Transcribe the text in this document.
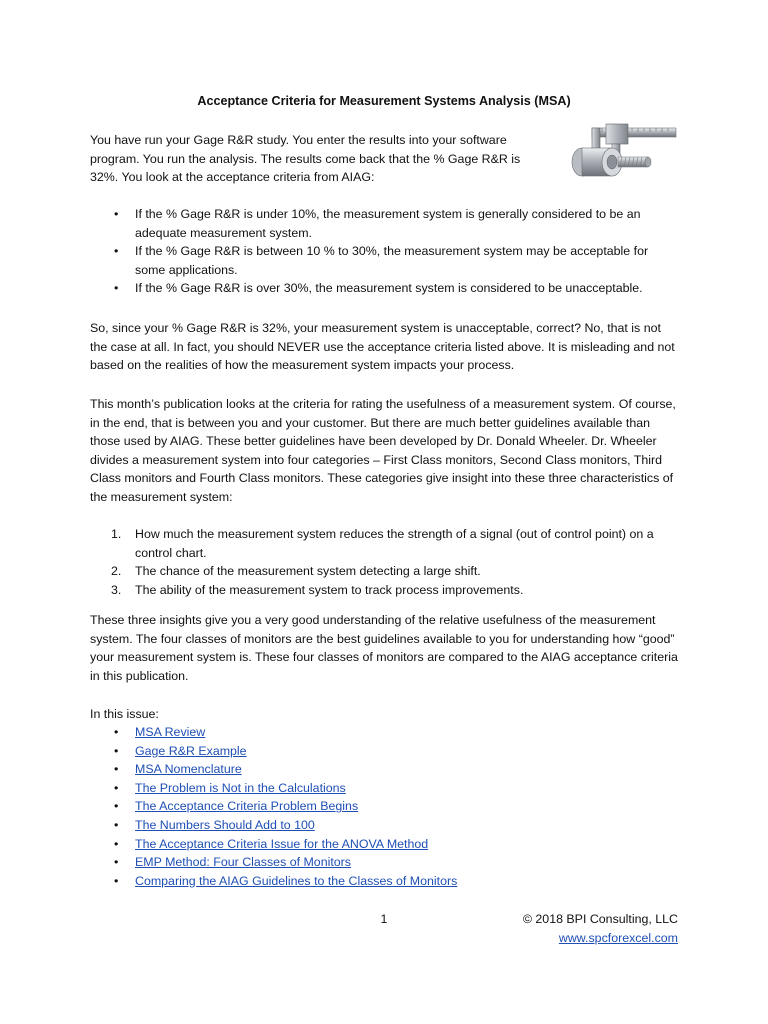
Acceptance Criteria for Measurement Systems Analysis (MSA)

You have run your Gage R&R study. You enter the results into your software program. You run the analysis. The results come back that the % Gage R&R is 32%. You look at the acceptance criteria from AIAG:

• If the % Gage R&R is under 10%, the measurement system is generally considered to be an adequate measurement system.
• If the % Gage R&R is between 10 % to 30%, the measurement system may be acceptable for some applications.
• If the % Gage R&R is over 30%, the measurement system is considered to be unacceptable.

So, since your % Gage R&R is 32%, your measurement system is unacceptable, correct? No, that is not the case at all. In fact, you should NEVER use the acceptance criteria listed above. It is misleading and not based on the realities of how the measurement system impacts your process.

This month’s publication looks at the criteria for rating the usefulness of a measurement system. Of course, in the end, that is between you and your customer. But there are much better guidelines available than those used by AIAG. These better guidelines have been developed by Dr. Donald Wheeler. Dr. Wheeler divides a measurement system into four categories – First Class monitors, Second Class monitors, Third Class monitors and Fourth Class monitors. These categories give insight into these three characteristics of the measurement system:

1. How much the measurement system reduces the strength of a signal (out of control point) on a control chart.
2. The chance of the measurement system detecting a large shift.
3. The ability of the measurement system to track process improvements.

These three insights give you a very good understanding of the relative usefulness of the measurement system. The four classes of monitors are the best guidelines available to you for understanding how “good” your measurement system is. These four classes of monitors are compared to the AIAG acceptance criteria in this publication.

In this issue:

• MSA Review
• Gage R&R Example
• MSA Nomenclature
• The Problem is Not in the Calculations
• The Acceptance Criteria Problem Begins
• The Numbers Should Add to 100
• The Acceptance Criteria Issue for the ANOVA Method
• EMP Method: Four Classes of Monitors
• Comparing the AIAG Guidelines to the Classes of Monitors
1	© 2018 BPI Consulting, LLC
www.spcforexcel.com
